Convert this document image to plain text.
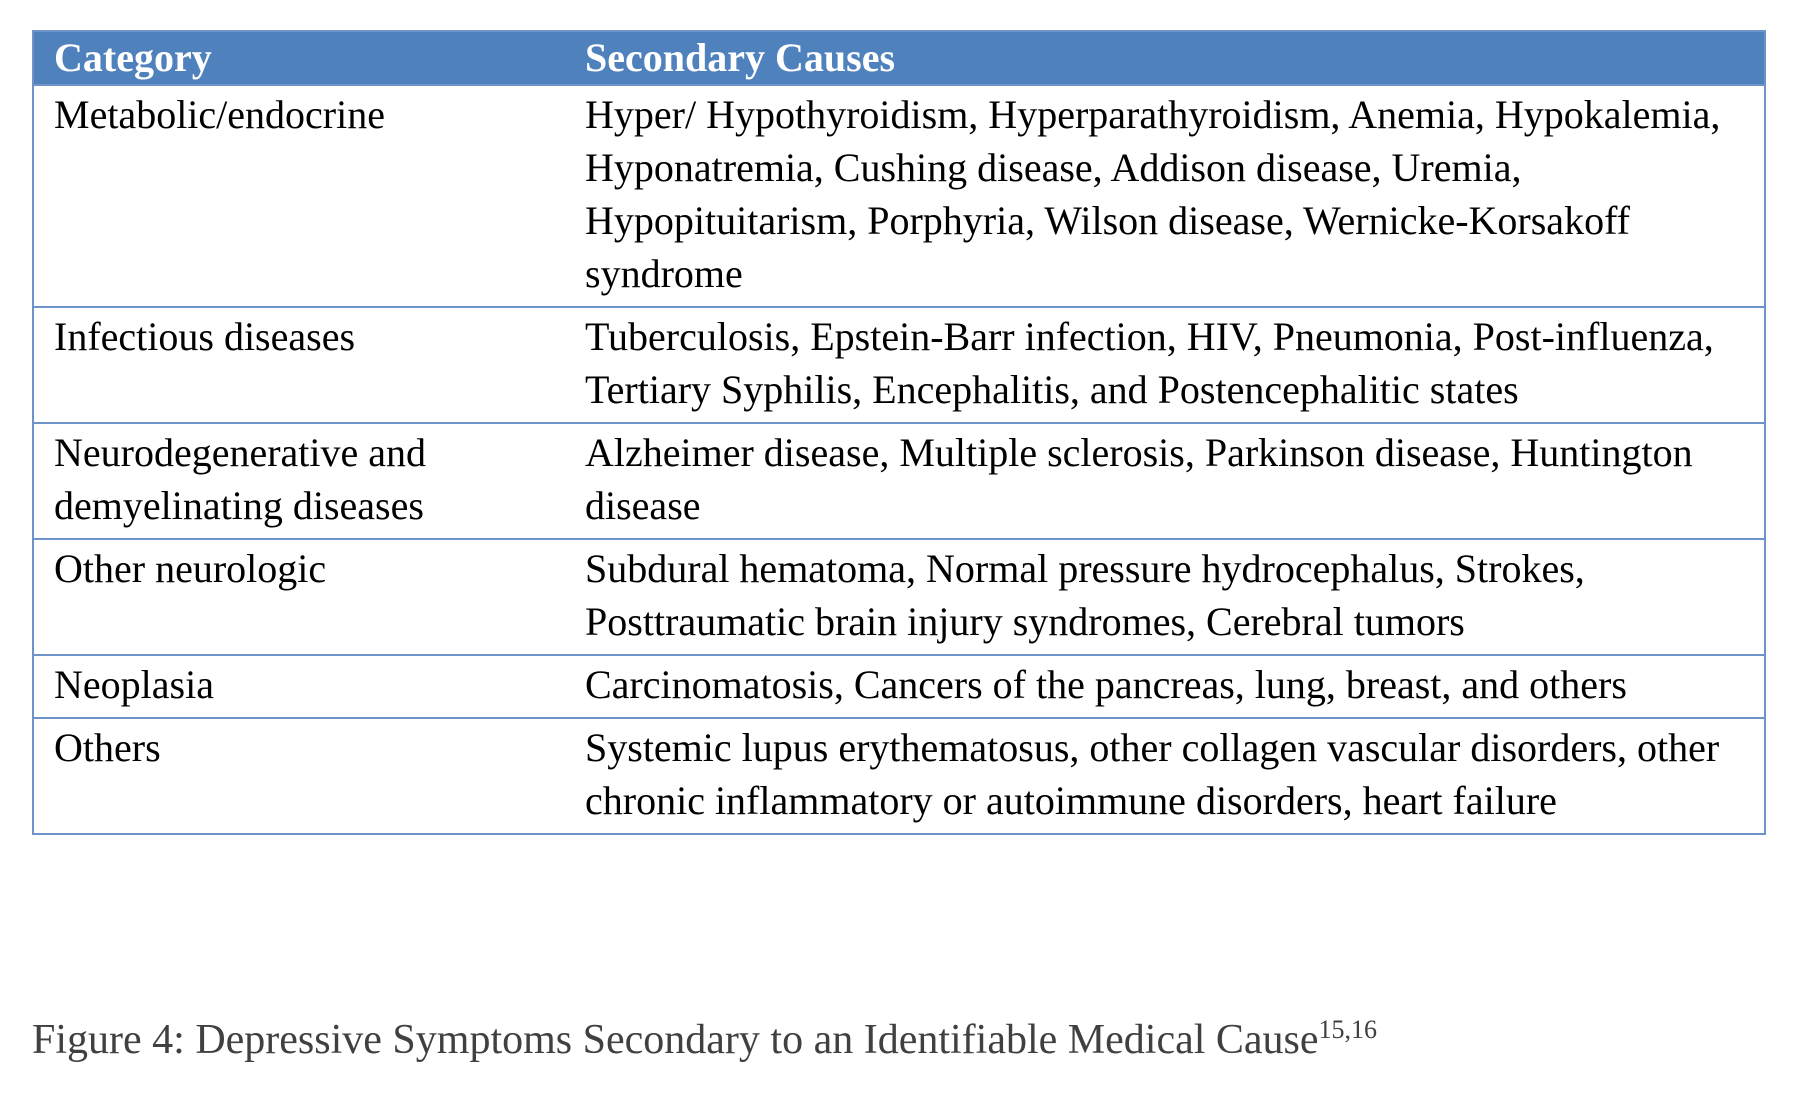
Category	Secondary Causes
Metabolic/endocrine	Hyper/ Hypothyroidism, Hyperparathyroidism, Anemia, Hypokalemia, Hyponatremia, Cushing disease, Addison disease, Uremia, Hypopituitarism, Porphyria, Wilson disease, Wernicke-Korsakoff syndrome
Infectious diseases	Tuberculosis, Epstein-Barr infection, HIV, Pneumonia, Post-influenza, Tertiary Syphilis, Encephalitis, and Postencephalitic states
Neurodegenerative and demyelinating diseases	Alzheimer disease, Multiple sclerosis, Parkinson disease, Huntington disease
Other neurologic	Subdural hematoma, Normal pressure hydrocephalus, Strokes, Posttraumatic brain injury syndromes, Cerebral tumors
Neoplasia	Carcinomatosis, Cancers of the pancreas, lung, breast, and others
Others	Systemic lupus erythematosus, other collagen vascular disorders, other chronic inflammatory or autoimmune disorders, heart failure
Figure 4: Depressive Symptoms Secondary to an Identifiable Medical Cause$^{15,16}$
